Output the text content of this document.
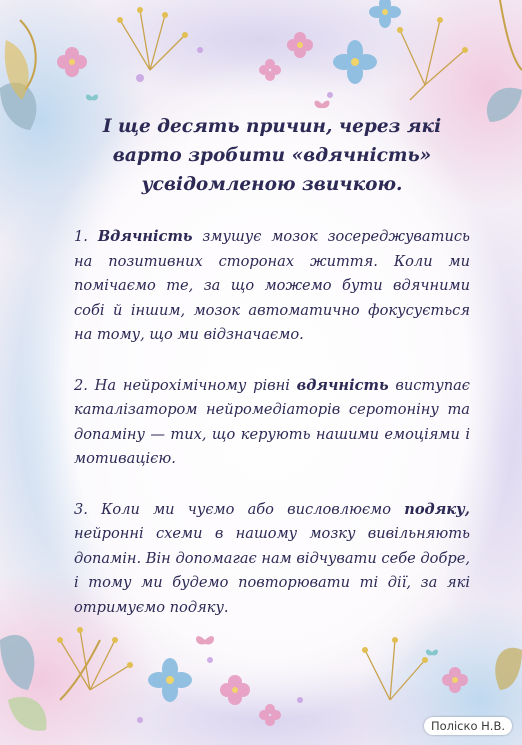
І ще десять причин, через які варто зробити «вдячність» усвідомленою звичкою.

1. Вдячність змушує мозок зосереджуватись на позитивних сторонах життя. Коли ми помічаємо те, за що можемо бути вдячними собі й іншим, мозок автоматично фокусується на тому, що ми відзначаємо.

2. На нейрохімічному рівні вдячність виступає каталізатором нейромедіаторів серотоніну та допаміну — тих, що керують нашими емоціями і мотивацією.

3. Коли ми чуємо або висловлюємо подяку, нейронні схеми в нашому мозку вивільняють допамін. Він допомагає нам відчувати себе добре, і тому ми будемо повторювати ті дії, за які отримуємо подяку.

Поліско Н.В.
